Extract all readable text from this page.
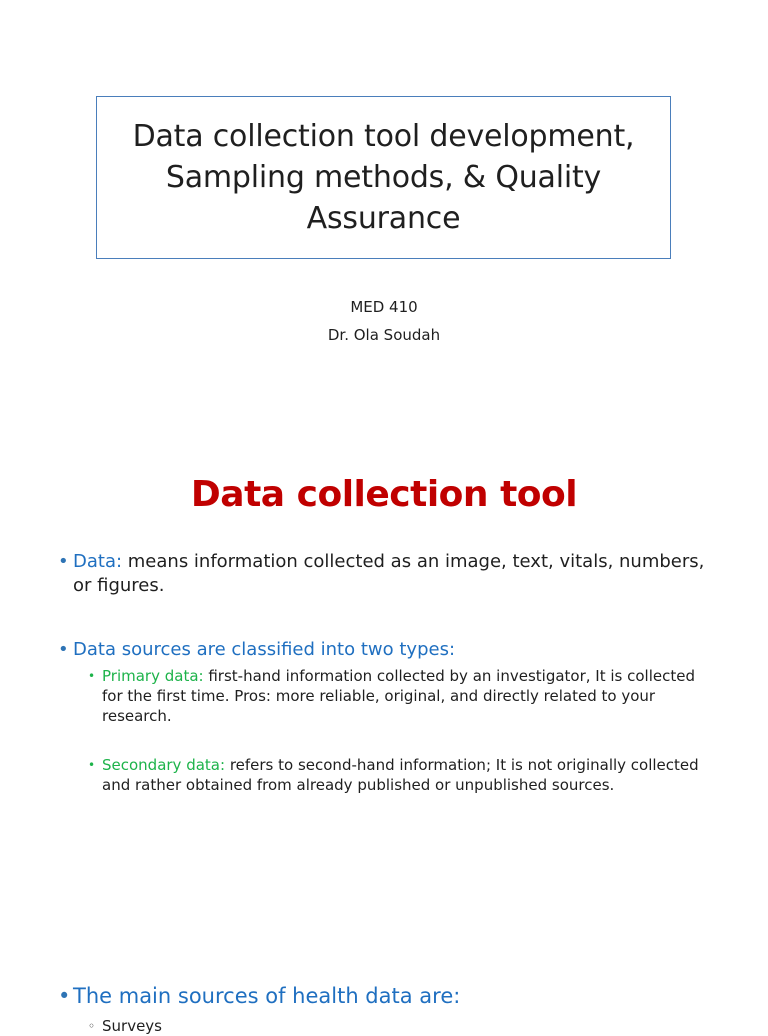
Data collection tool development, Sampling methods, & Quality Assurance

MED 410
Dr. Ola Soudah
Data collection tool
• Data: means information collected as an image, text, vitals, numbers, or figures.
• Data sources are classified into two types:
• Primary data: first-hand information collected by an investigator, It is collected for the first time. Pros: more reliable, original, and directly related to your research.
• Secondary data: refers to second-hand information; It is not originally collected and rather obtained from already published or unpublished sources.
• The main sources of health data are:
◦ Surveys
